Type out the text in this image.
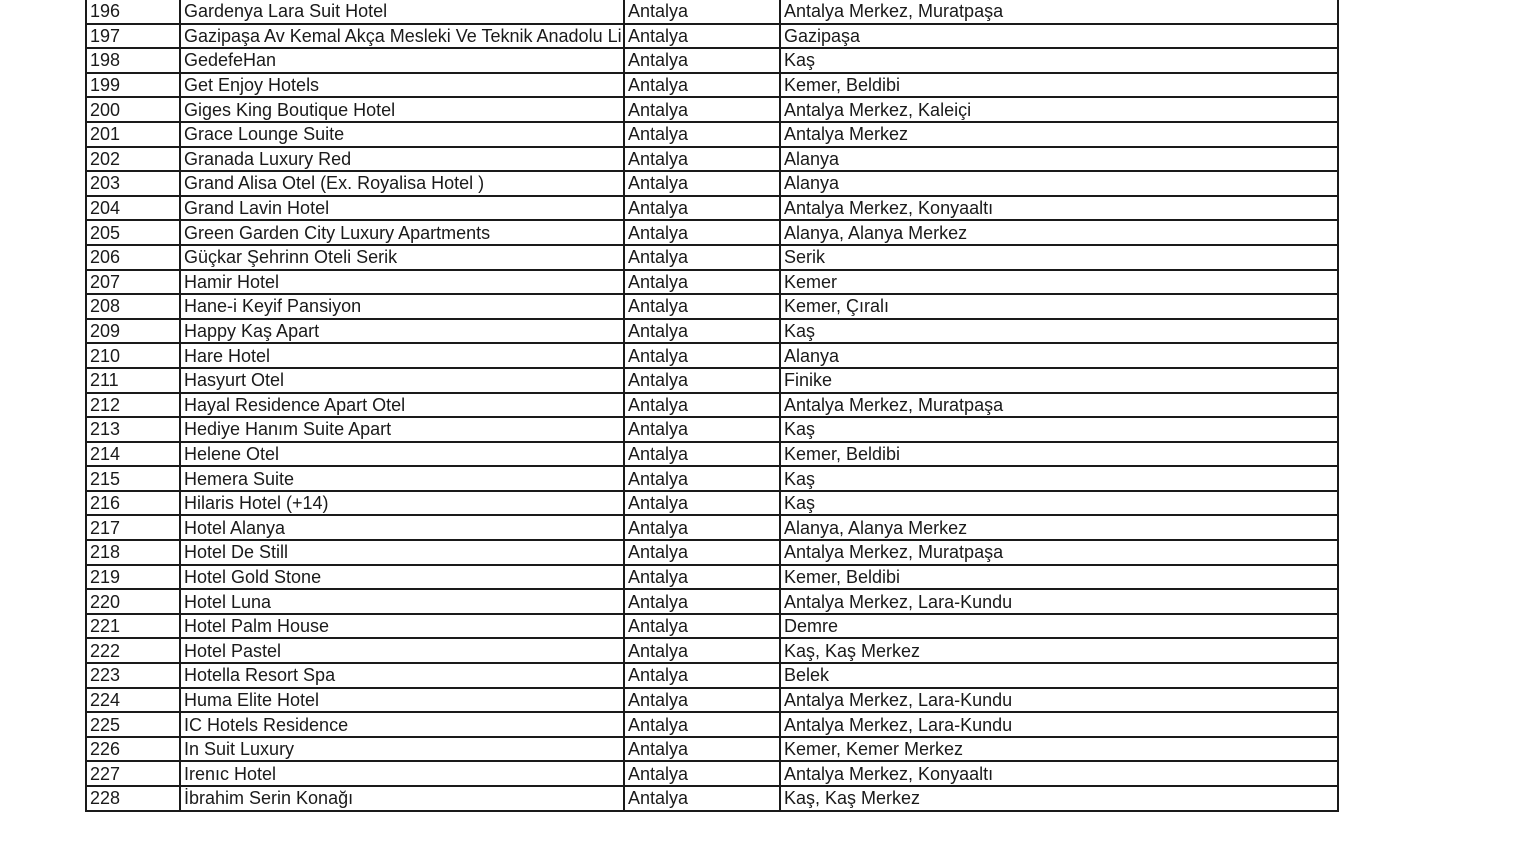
196	Gardenya Lara Suit Hotel	Antalya	Antalya Merkez, Muratpaşa
197	Gazipaşa Av Kemal Akça Mesleki Ve Teknik Anadolu Li	Antalya	Gazipaşa
198	GedefeHan	Antalya	Kaş
199	Get Enjoy Hotels	Antalya	Kemer, Beldibi
200	Giges King Boutique Hotel	Antalya	Antalya Merkez, Kaleiçi
201	Grace Lounge Suite	Antalya	Antalya Merkez
202	Granada Luxury Red	Antalya	Alanya
203	Grand Alisa Otel (Ex. Royalisa Hotel )	Antalya	Alanya
204	Grand Lavin Hotel	Antalya	Antalya Merkez, Konyaaltı
205	Green Garden City Luxury Apartments	Antalya	Alanya, Alanya Merkez
206	Güçkar Şehrinn Oteli Serik	Antalya	Serik
207	Hamir Hotel	Antalya	Kemer
208	Hane-i Keyif Pansiyon	Antalya	Kemer, Çıralı
209	Happy Kaş Apart	Antalya	Kaş
210	Hare Hotel	Antalya	Alanya
211	Hasyurt Otel	Antalya	Finike
212	Hayal Residence Apart Otel	Antalya	Antalya Merkez, Muratpaşa
213	Hediye Hanım Suite Apart	Antalya	Kaş
214	Helene Otel	Antalya	Kemer, Beldibi
215	Hemera Suite	Antalya	Kaş
216	Hilaris Hotel (+14)	Antalya	Kaş
217	Hotel Alanya	Antalya	Alanya, Alanya Merkez
218	Hotel De Still	Antalya	Antalya Merkez, Muratpaşa
219	Hotel Gold Stone	Antalya	Kemer, Beldibi
220	Hotel Luna	Antalya	Antalya Merkez, Lara-Kundu
221	Hotel Palm House	Antalya	Demre
222	Hotel Pastel	Antalya	Kaş, Kaş Merkez
223	Hotella Resort Spa	Antalya	Belek
224	Huma Elite Hotel	Antalya	Antalya Merkez, Lara-Kundu
225	IC Hotels Residence	Antalya	Antalya Merkez, Lara-Kundu
226	In Suit Luxury	Antalya	Kemer, Kemer Merkez
227	Irenıc Hotel	Antalya	Antalya Merkez, Konyaaltı
228	İbrahim Serin Konağı	Antalya	Kaş, Kaş Merkez
